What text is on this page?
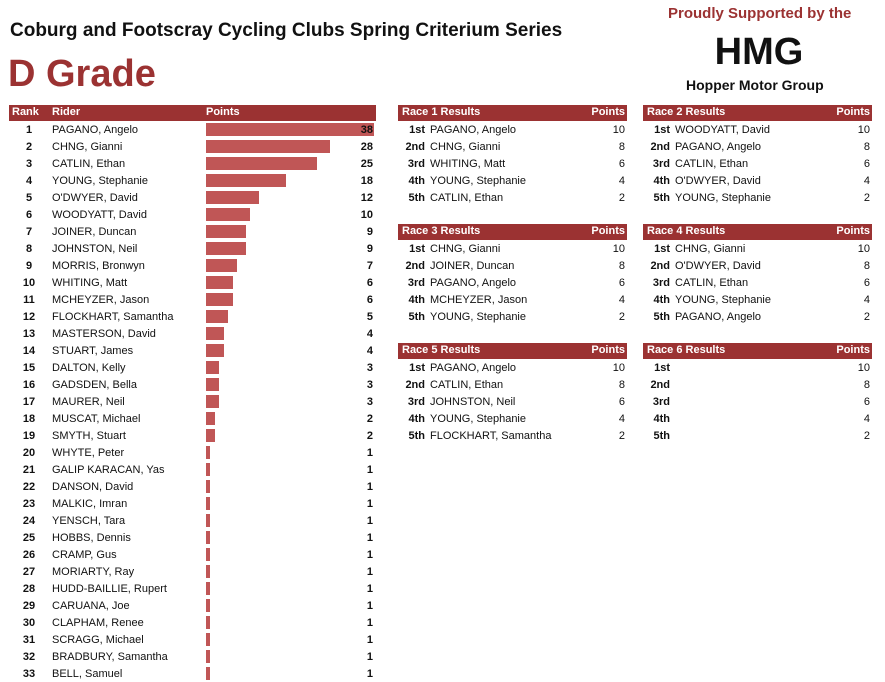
Coburg and Footscray Cycling Clubs Spring Criterium Series
D Grade
Proudly Supported by the
HMG
Hopper Motor Group
Rank Rider	Points
1	PAGANO, Angelo	38
2	CHNG, Gianni	28
3	CATLIN, Ethan	25
4	YOUNG, Stephanie	18
5	O'DWYER, David	12
6	WOODYATT, David	10
7	JOINER, Duncan	9
8	JOHNSTON, Neil	9
9	MORRIS, Bronwyn	7
10	WHITING, Matt	6
11	MCHEYZER, Jason	6
12	FLOCKHART, Samantha	5
13	MASTERSON, David	4
14	STUART, James	4
15	DALTON, Kelly	3
16	GADSDEN, Bella	3
17	MAURER, Neil	3
18	MUSCAT, Michael	2
19	SMYTH, Stuart	2
20	WHYTE, Peter	1
21	GALIP KARACAN, Yas	1
22	DANSON, David	1
23	MALKIC, Imran	1
24	YENSCH, Tara	1
25	HOBBS, Dennis	1
26	CRAMP, Gus	1
27	MORIARTY, Ray	1
28	HUDD-BAILLIE, Rupert	1
29	CARUANA, Joe	1
30	CLAPHAM, Renee	1
31	SCRAGG, Michael	1
32	BRADBURY, Samantha	1
33	BELL, Samuel	1
Race 1 Results	Points
1st PAGANO, Angelo	10
2nd CHNG, Gianni	8
3rd WHITING, Matt	6
4th YOUNG, Stephanie	4
5th CATLIN, Ethan	2
Race 2 Results	Points
1st WOODYATT, David	10
2nd PAGANO, Angelo	8
3rd CATLIN, Ethan	6
4th O'DWYER, David	4
5th YOUNG, Stephanie	2
Race 3 Results	Points
1st CHNG, Gianni	10
2nd JOINER, Duncan	8
3rd PAGANO, Angelo	6
4th MCHEYZER, Jason	4
5th YOUNG, Stephanie	2
Race 4 Results	Points
1st CHNG, Gianni	10
2nd O'DWYER, David	8
3rd CATLIN, Ethan	6
4th YOUNG, Stephanie	4
5th PAGANO, Angelo	2
Race 5 Results	Points
1st PAGANO, Angelo	10
2nd CATLIN, Ethan	8
3rd JOHNSTON, Neil	6
4th YOUNG, Stephanie	4
5th FLOCKHART, Samantha	2
Race 6 Results	Points
1st	10
2nd	8
3rd	6
4th	4
5th	2
